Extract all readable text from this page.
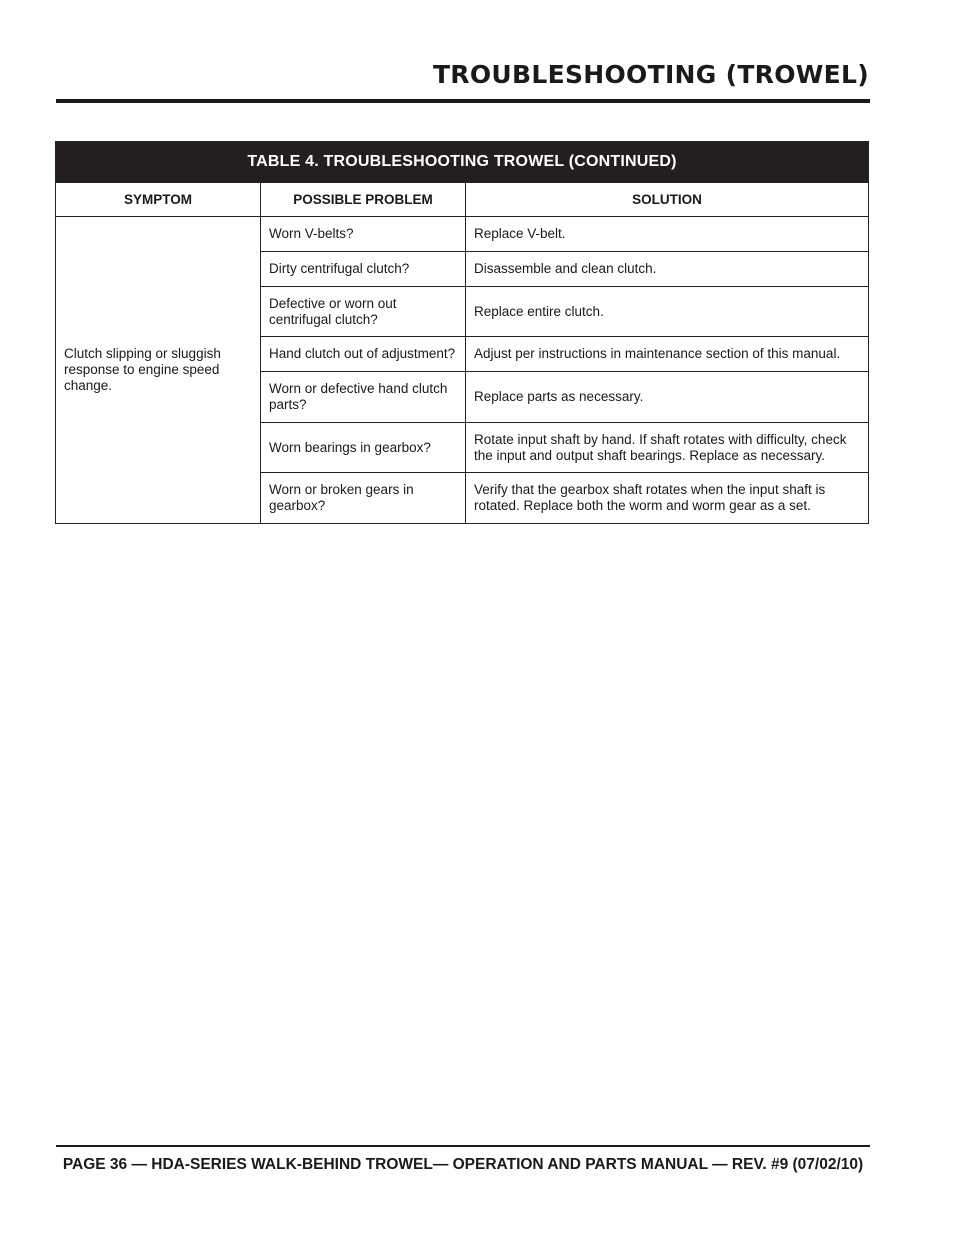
TROUBLESHOOTING (TROWEL)
TABLE 4. TROUBLESHOOTING TROWEL (CONTINUED)		
SYMPTOM	POSSIBLE PROBLEM	SOLUTION
Clutch slipping or sluggish response to engine speed change.	Worn V-belts?	Replace V-belt.
	Dirty centrifugal clutch?	Disassemble and clean clutch.
	Defective or worn out centrifugal clutch?	Replace entire clutch.
	Hand clutch out of adjustment?	Adjust per instructions in maintenance section of this manual.
	Worn or defective hand clutch parts?	Replace parts as necessary.
	Worn bearings in gearbox?	Rotate input shaft by hand. If shaft rotates with difficulty, check the input and output shaft bearings. Replace as necessary.
	Worn or broken gears in gearbox?	Verify that the gearbox shaft rotates when the input shaft is rotated. Replace both the worm and worm gear as a set.
PAGE 36 — HDA-SERIES WALK-BEHIND TROWEL— OPERATION AND PARTS MANUAL — REV. #9 (07/02/10)
